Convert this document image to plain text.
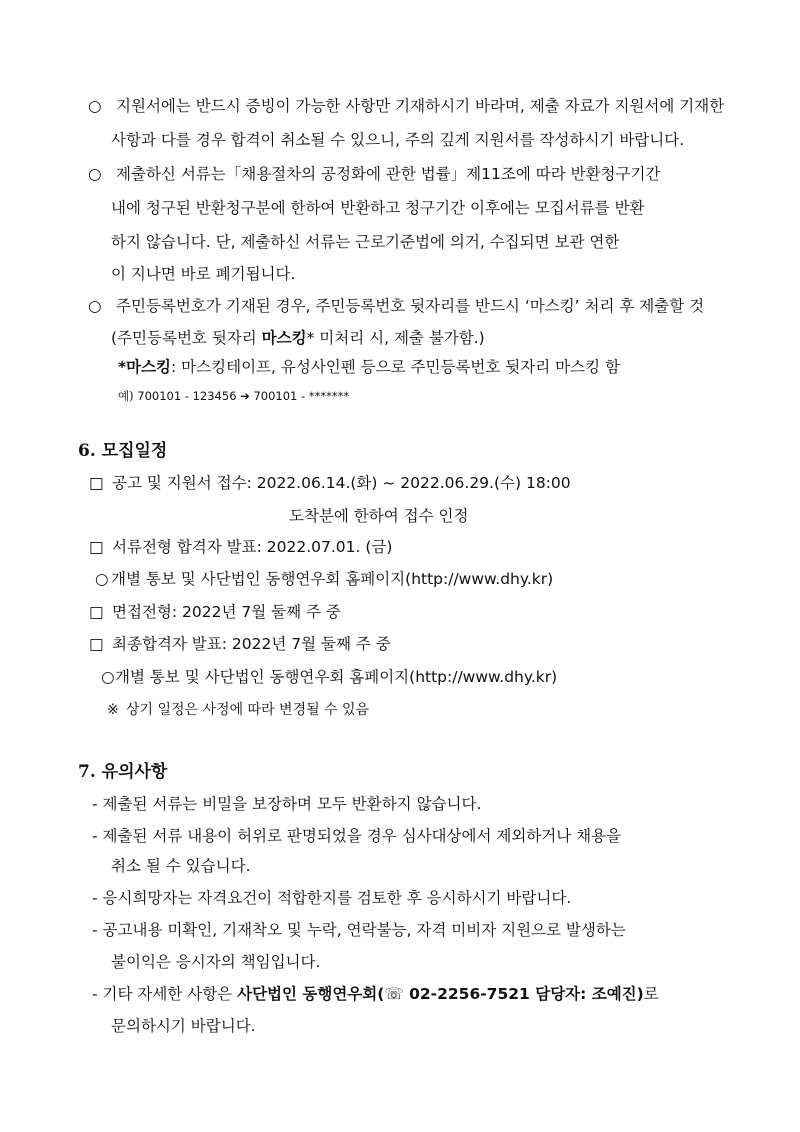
○ 지원서에는 반드시 증빙이 가능한 사항만 기재하시기 바라며, 제출 자료가 지원서에 기재한
사항과 다를 경우 합격이 취소될 수 있으니, 주의 깊게 지원서를 작성하시기 바랍니다.
○ 제출하신 서류는「채용절차의 공정화에 관한 법률」제11조에 따라 반환청구기간
내에 청구된 반환청구분에 한하여 반환하고 청구기간 이후에는 모집서류를 반환
하지 않습니다. 단, 제출하신 서류는 근로기준법에 의거, 수집되면 보관 연한
이 지나면 바로 폐기됩니다.
○ 주민등록번호가 기재된 경우, 주민등록번호 뒷자리를 반드시 ‘마스킹’ 처리 후 제출할 것
(주민등록번호 뒷자리 마스킹* 미처리 시, 제출 불가함.)
*마스킹: 마스킹테이프, 유성사인펜 등으로 주민등록번호 뒷자리 마스킹 함
예) 700101 - 123456 ➔ 700101 - *******
6. 모집일정
□ 공고 및 지원서 접수: 2022.06.14.(화) ~ 2022.06.29.(수) 18:00
도착분에 한하여 접수 인정
□ 서류전형 합격자 발표: 2022.07.01. (금)
○ 개별 통보 및 사단법인 동행연우회 홈페이지(http://www.dhy.kr)
□ 면접전형: 2022년 7월 둘째 주 중
□ 최종합격자 발표: 2022년 7월 둘째 주 중
○ 개별 통보 및 사단법인 동행연우회 홈페이지(http://www.dhy.kr)
※ 상기 일정은 사정에 따라 변경될 수 있음
7. 유의사항
- 제출된 서류는 비밀을 보장하며 모두 반환하지 않습니다.
- 제출된 서류 내용이 허위로 판명되었을 경우 심사대상에서 제외하거나 채용을
취소 될 수 있습니다.
- 응시희망자는 자격요건이 적합한지를 검토한 후 응시하시기 바랍니다.
- 공고내용 미확인, 기재착오 및 누락, 연락불능, 자격 미비자 지원으로 발생하는
불이익은 응시자의 책임입니다.
- 기타 자세한 사항은 사단법인 동행연우회(☏ 02-2256-7521 담당자: 조예진)로
문의하시기 바랍니다.
